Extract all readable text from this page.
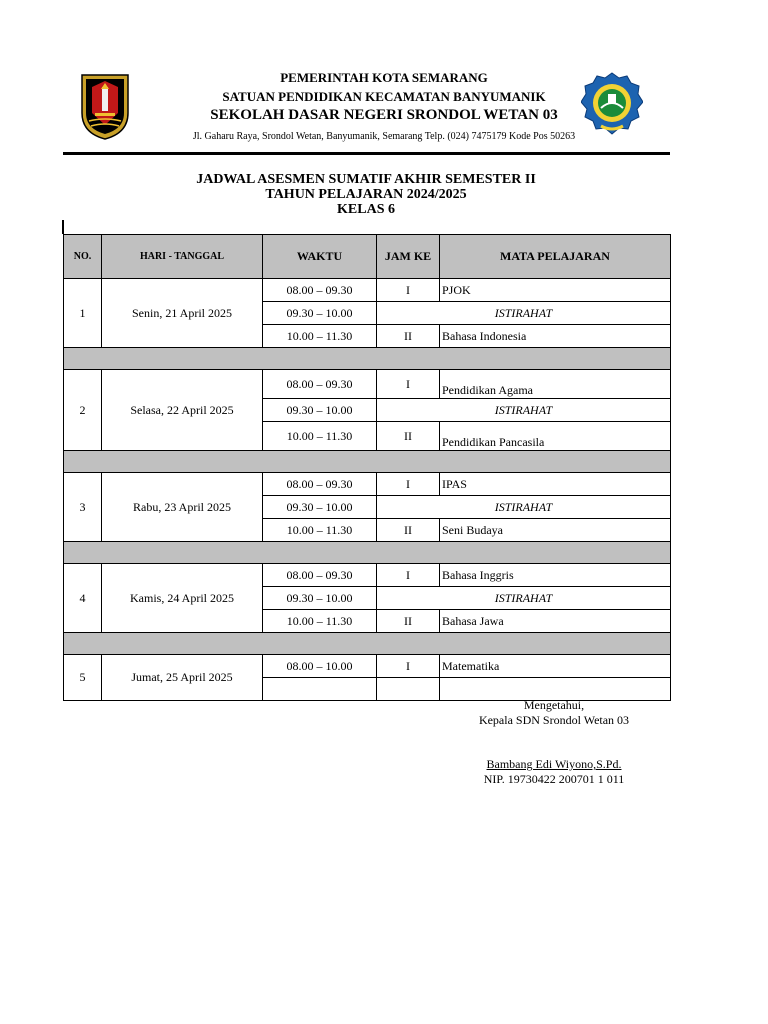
PEMERINTAH KOTA SEMARANG
SATUAN PENDIDIKAN KECAMATAN BANYUMANIK
SEKOLAH DASAR NEGERI SRONDOL WETAN 03
Jl. Gaharu Raya, Srondol Wetan, Banyumanik, Semarang Telp. (024) 7475179 Kode Pos 50263
JADWAL ASESMEN SUMATIF AKHIR SEMESTER II
TAHUN PELAJARAN 2024/2025
KELAS 6
NO.	HARI - TANGGAL	WAKTU	JAM KE	MATA PELAJARAN
1	Senin, 21 April 2025	08.00 – 09.30	I	PJOK
		09.30 – 10.00	ISTIRAHAT	
		10.00 – 11.30	II	Bahasa Indonesia

2	Selasa, 22 April 2025	08.00 – 09.30	I	Pendidikan Agama
		09.30 – 10.00	ISTIRAHAT	
		10.00 – 11.30	II	Pendidikan Pancasila

3	Rabu, 23 April 2025	08.00 – 09.30	I	IPAS
		09.30 – 10.00	ISTIRAHAT	
		10.00 – 11.30	II	Seni Budaya

4	Kamis, 24 April 2025	08.00 – 09.30	I	Bahasa Inggris
		09.30 – 10.00	ISTIRAHAT	
		10.00 – 11.30	II	Bahasa Jawa

5	Jumat, 25 April 2025	08.00 – 10.00	I	Matematika

Mengetahui,
Kepala SDN Srondol Wetan 03
Bambang Edi Wiyono,S.Pd.
NIP. 19730422 200701 1 011
